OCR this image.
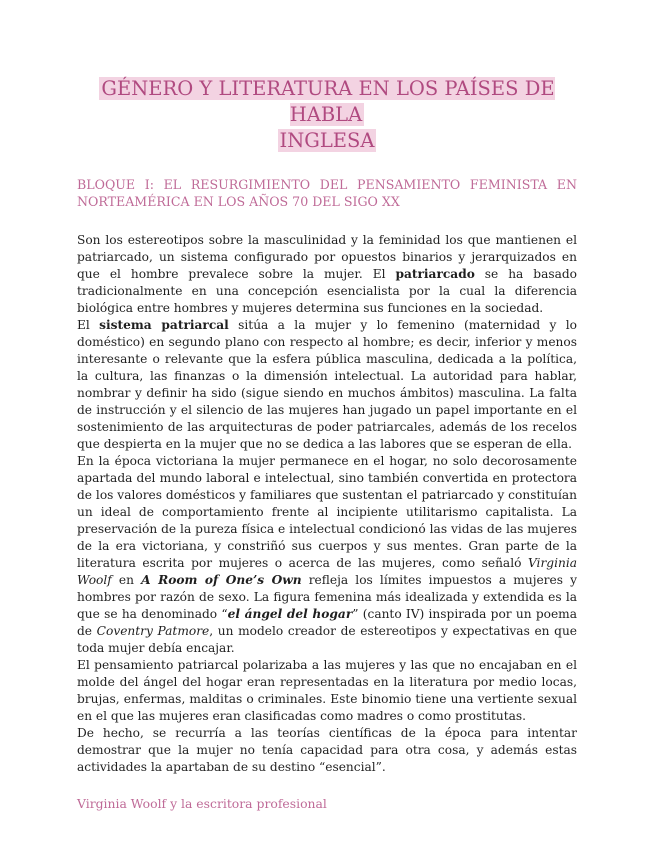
GÉNERO Y LITERATURA EN LOS PAÍSES DE HABLA
INGLESA
BLOQUE I: EL RESURGIMIENTO DEL PENSAMIENTO FEMINISTA EN NORTEAMÉRICA EN LOS AÑOS 70 DEL SIGO XX

Son los estereotipos sobre la masculinidad y la feminidad los que mantienen el patriarcado, un sistema configurado por opuestos binarios y jerarquizados en que el hombre prevalece sobre la mujer. El patriarcado se ha basado tradicionalmente en una concepción esencialista por la cual la diferencia biológica entre hombres y mujeres determina sus funciones en la sociedad.

El sistema patriarcal sitúa a la mujer y lo femenino (maternidad y lo doméstico) en segundo plano con respecto al hombre; es decir, inferior y menos interesante o relevante que la esfera pública masculina, dedicada a la política, la cultura, las finanzas o la dimensión intelectual. La autoridad para hablar, nombrar y definir ha sido (sigue siendo en muchos ámbitos) masculina. La falta de instrucción y el silencio de las mujeres han jugado un papel importante en el sostenimiento de las arquitecturas de poder patriarcales, además de los recelos que despierta en la mujer que no se dedica a las labores que se esperan de ella.

En la época victoriana la mujer permanece en el hogar, no solo decorosamente apartada del mundo laboral e intelectual, sino también convertida en protectora de los valores domésticos y familiares que sustentan el patriarcado y constituían un ideal de comportamiento frente al incipiente utilitarismo capitalista. La preservación de la pureza física e intelectual condicionó las vidas de las mujeres de la era victoriana, y constriñó sus cuerpos y sus mentes. Gran parte de la literatura escrita por mujeres o acerca de las mujeres, como señaló Virginia Woolf en A Room of One’s Own refleja los límites impuestos a mujeres y hombres por razón de sexo. La figura femenina más idealizada y extendida es la que se ha denominado “el ángel del hogar” (canto IV) inspirada por un poema de Coventry Patmore, un modelo creador de estereotipos y expectativas en que toda mujer debía encajar.

El pensamiento patriarcal polarizaba a las mujeres y las que no encajaban en el molde del ángel del hogar eran representadas en la literatura por medio locas, brujas, enfermas, malditas o criminales. Este binomio tiene una vertiente sexual en el que las mujeres eran clasificadas como madres o como prostitutas.

De hecho, se recurría a las teorías científicas de la época para intentar demostrar que la mujer no tenía capacidad para otra cosa, y además estas actividades la apartaban de su destino “esencial”.

Virginia Woolf y la escritora profesional
